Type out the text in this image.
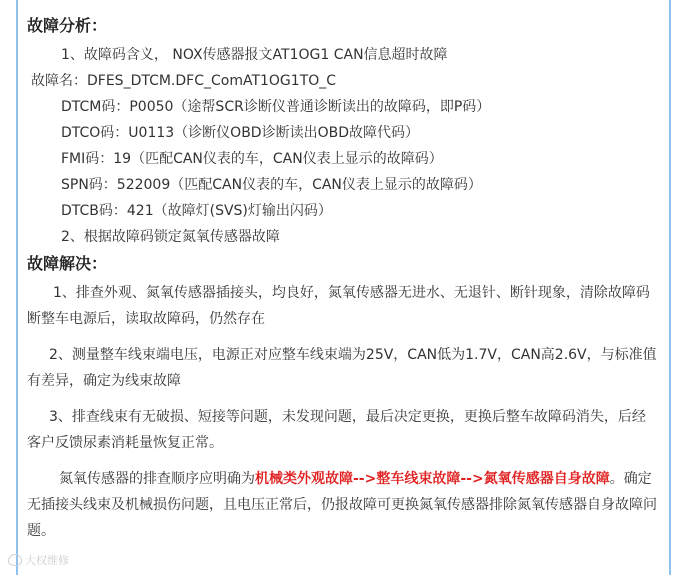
故障分析：
1、故障码含义， NOX传感器报文AT1OG1 CAN信息超时故障
故障名：DFES_DTCM.DFC_ComAT1OG1TO_C
DTCM码：P0050（途帮SCR诊断仪普通诊断读出的故障码，即P码）
DTCO码：U0113（诊断仪OBD诊断读出OBD故障代码）
FMI码：19（匹配CAN仪表的车，CAN仪表上显示的故障码）
SPN码：522009（匹配CAN仪表的车，CAN仪表上显示的故障码）
DTCB码：421（故障灯(SVS)灯输出闪码）
2、根据故障码锁定氮氧传感器故障
故障解决：
1、排查外观、氮氧传感器插接头，均良好，氮氧传感器无进水、无退针、断针现象，清除故障码断整车电源后，读取故障码，仍然存在
2、测量整车线束端电压，电源正对应整车线束端为25V，CAN低为1.7V，CAN高2.6V，与标准值有差异，确定为线束故障
3、排查线束有无破损、短接等问题，未发现问题，最后决定更换，更换后整车故障码消失，后经客户反馈尿素消耗量恢复正常。
氮氧传感器的排查顺序应明确为机械类外观故障-->整车线束故障-->氮氧传感器自身故障。确定无插接头线束及机械损伤问题，且电压正常后，仍报故障可更换氮氧传感器排除氮氧传感器自身故障问题。
大权维修
